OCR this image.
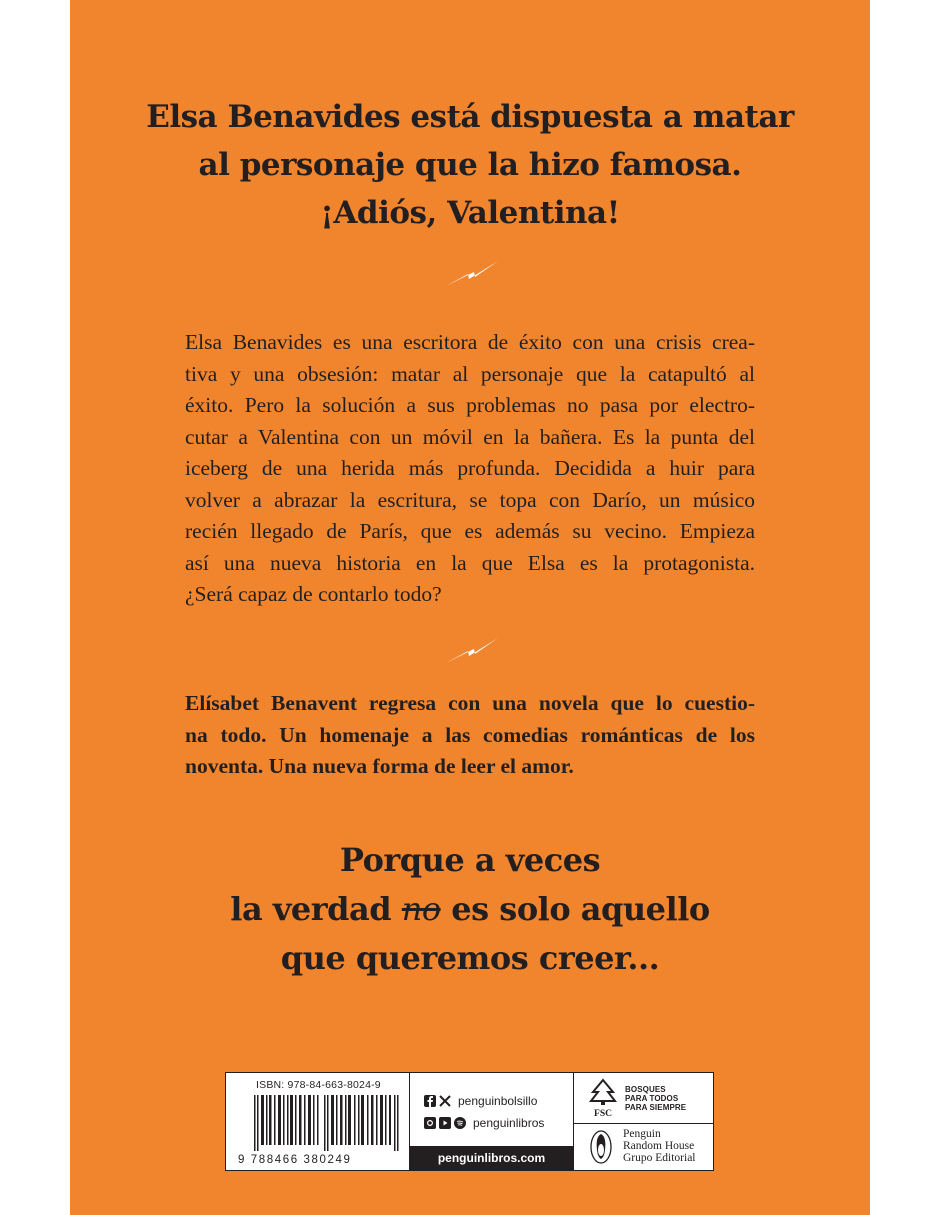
Elsa Benavides está dispuesta a matar
al personaje que la hizo famosa.
¡Adiós, Valentina!
Elsa Benavides es una escritora de éxito con una crisis crea-
tiva y una obsesión: matar al personaje que la catapultó al
éxito. Pero la solución a sus problemas no pasa por electro-
cutar a Valentina con un móvil en la bañera. Es la punta del
iceberg de una herida más profunda. Decidida a huir para
volver a abrazar la escritura, se topa con Darío, un músico
recién llegado de París, que es además su vecino. Empieza
así una nueva historia en la que Elsa es la protagonista.
¿Será capaz de contarlo todo?
Elísabet Benavent regresa con una novela que lo cuestio-
na todo. Un homenaje a las comedias románticas de los
noventa. Una nueva forma de leer el amor.
Porque a veces
la verdad no es solo aquello
que queremos creer...
ISBN: 978-84-663-8024-9
9 788466 380249
penguinbolsillo
penguinlibros
penguinlibros.com
FSC
BOSQUES
PARA TODOS
PARA SIEMPRE
Penguin
Random House
Grupo Editorial
